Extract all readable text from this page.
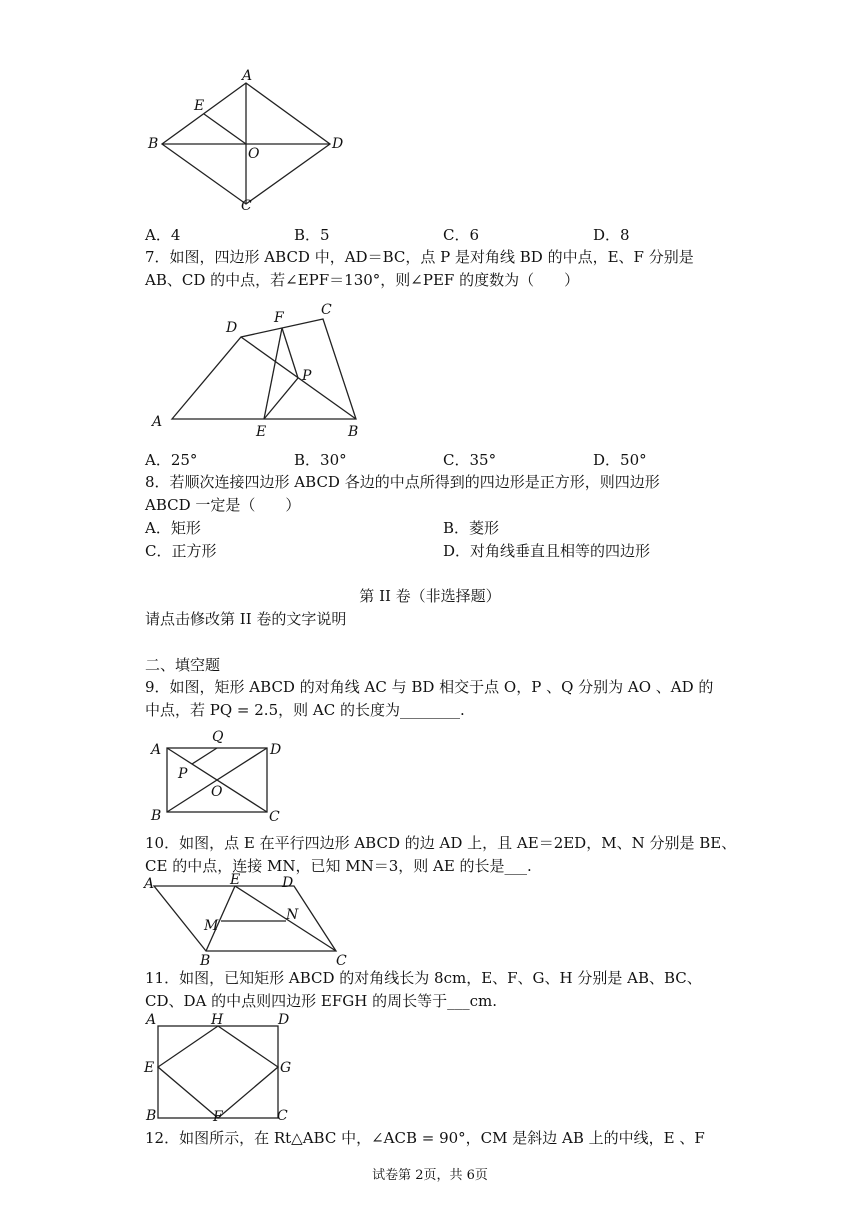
A
E
B
O
D
C
A．4	B．5	C．6	D．8
7．如图，四边形 ABCD 中，AD＝BC，点 P 是对角线 BD 的中点，E、F 分别是
AB、CD 的中点，若∠EPF＝130°，则∠PEF 的度数为（　　）
D
F	C
P
A
E	B
A．25°	B．30°	C．35°	D．50°
8．若顺次连接四边形 ABCD 各边的中点所得到的四边形是正方形，则四边形
ABCD 一定是（　　）
A．矩形	B．菱形
C．正方形	D．对角线垂直且相等的四边形
第 II 卷（非选择题）
请点击修改第 II 卷的文字说明
二、填空题
9．如图，矩形 ABCD 的对角线 AC 与 BD 相交于点 O，P 、Q 分别为 AO 、AD 的
中点，若 PQ = 2.5，则 AC 的长度为________.
Q
A	D
P
O
B	C
10．如图，点 E 在平行四边形 ABCD 的边 AD 上，且 AE＝2ED，M、N 分别是 BE、
CE 的中点，连接 MN，已知 MN＝3，则 AE 的长是___.
A	E	D
M
N
B	C
11．如图，已知矩形 ABCD 的对角线长为 8cm，E、F、G、H 分别是 AB、BC、
CD、DA 的中点则四边形 EFGH 的周长等于___cm.
A	H	D
E	G
B	F	C
12．如图所示，在 Rt△ABC 中，∠ACB = 90°，CM 是斜边 AB 上的中线，E 、F
试卷第 2页，共 6页
